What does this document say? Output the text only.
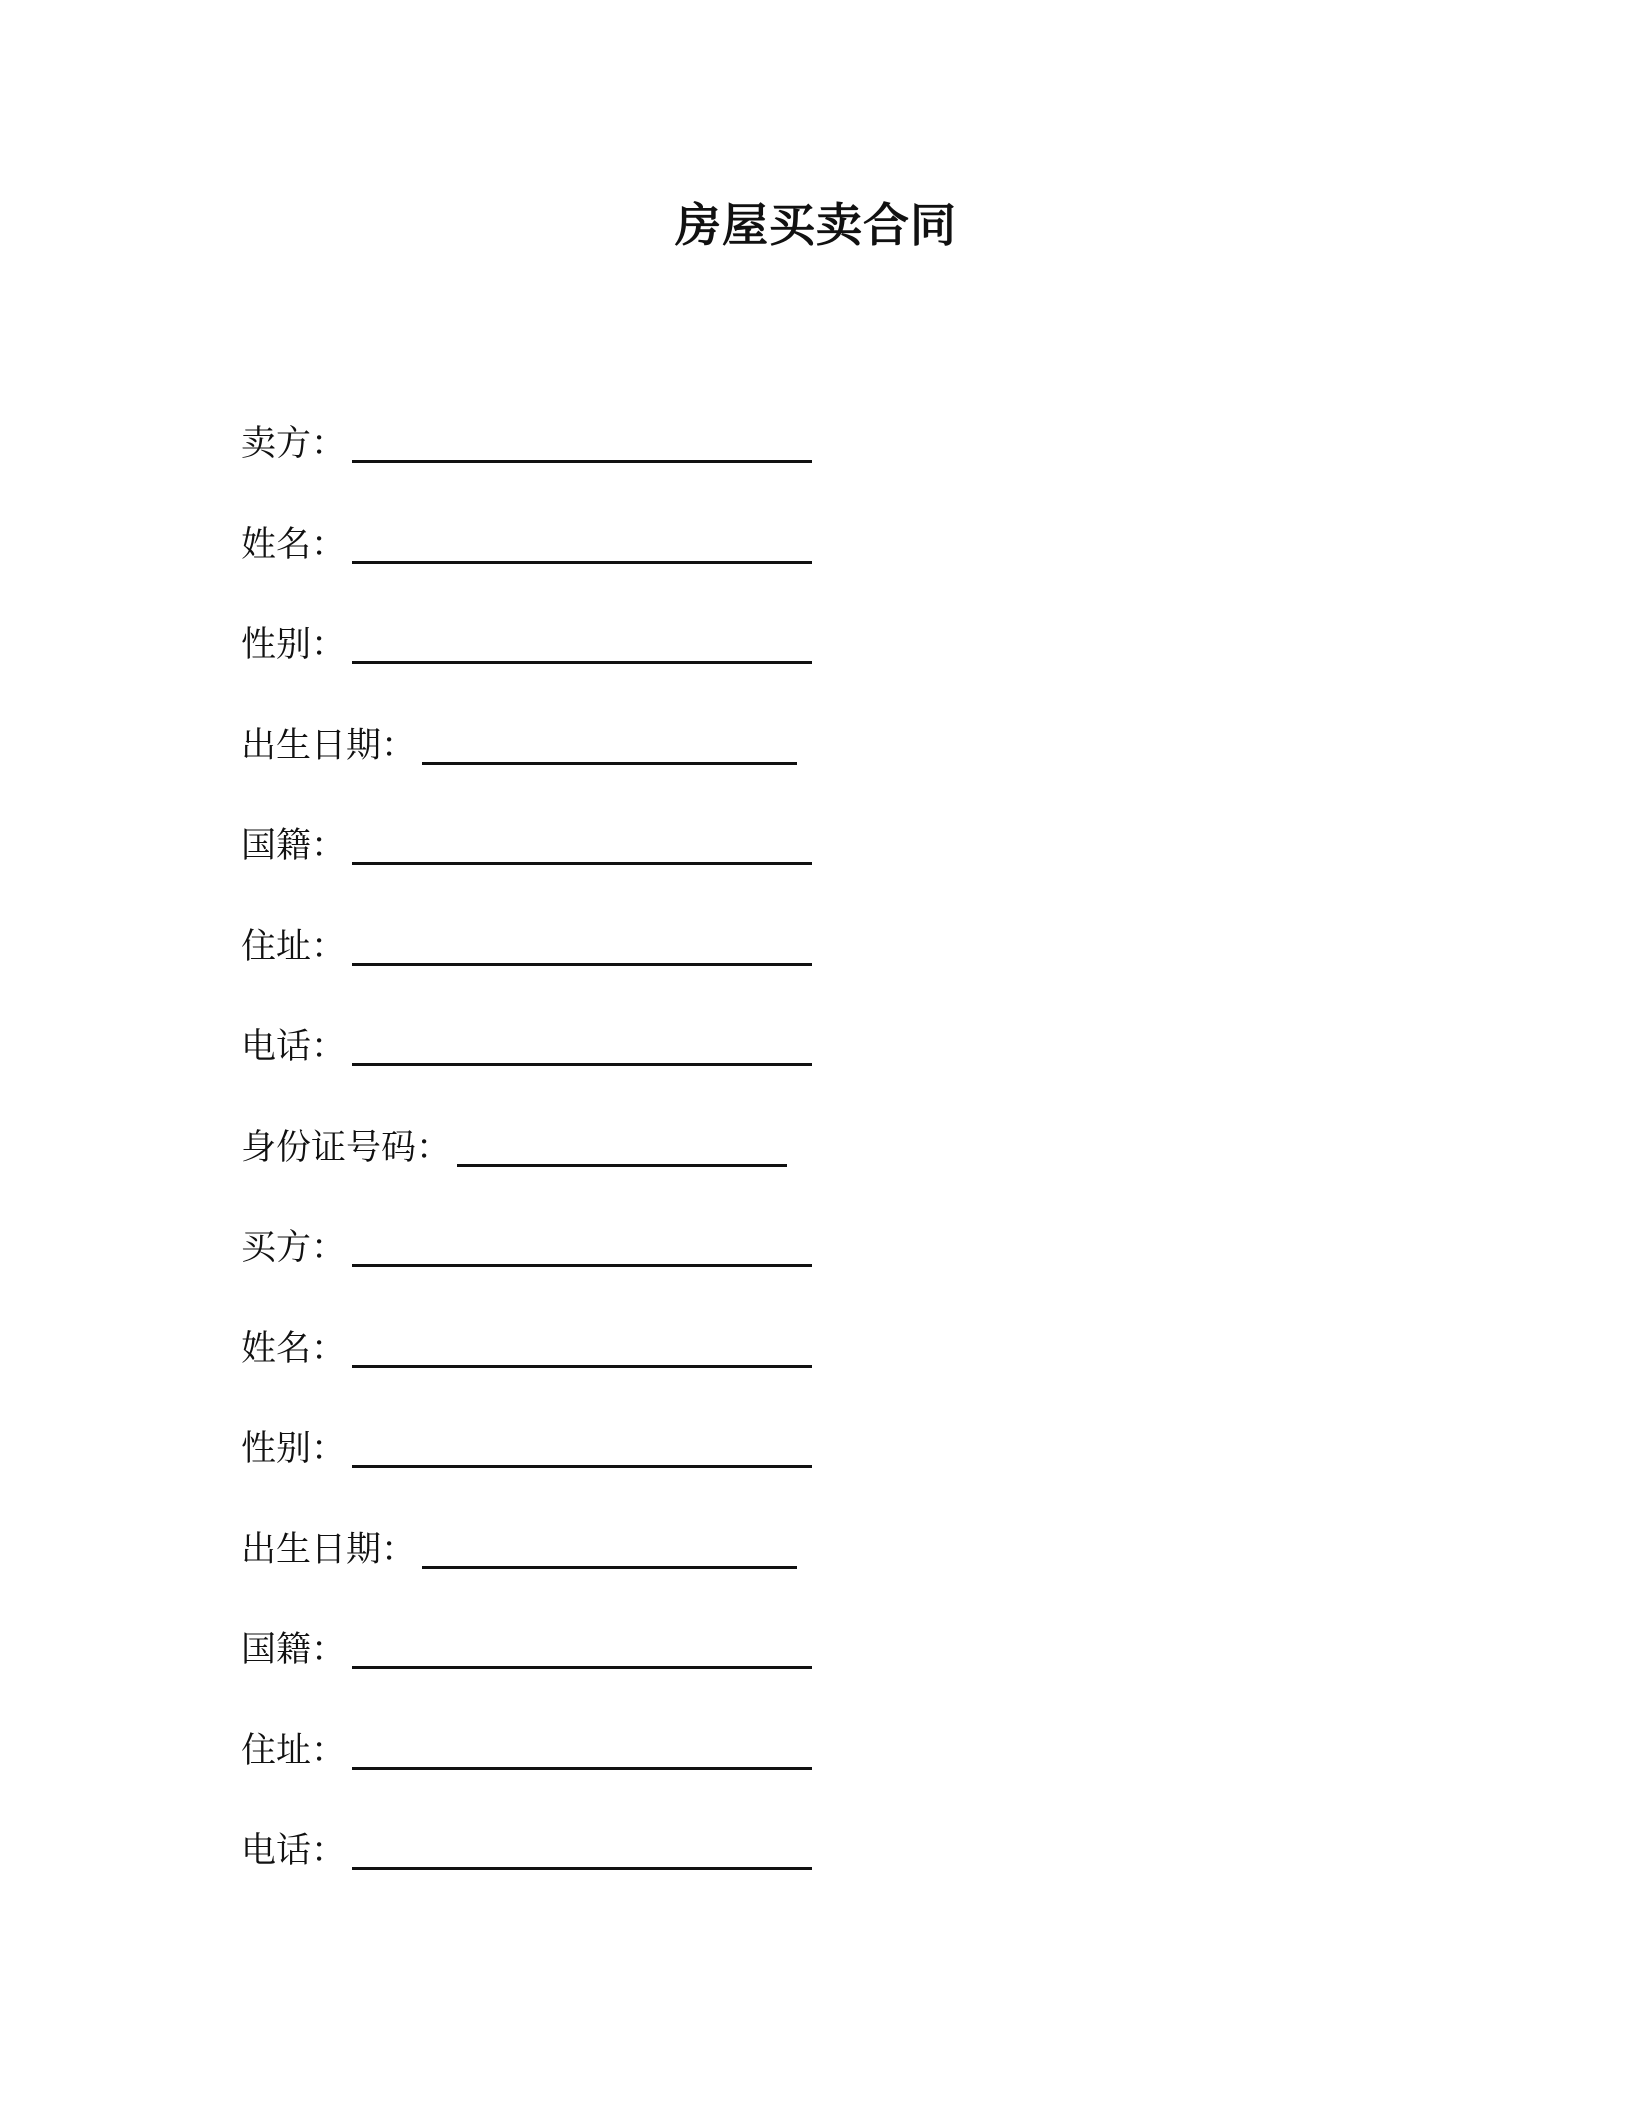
房屋买卖合同
卖方：
姓名：
性别：
出生日期：
国籍：
住址：
电话：
身份证号码：
买方：
姓名：
性别：
出生日期：
国籍：
住址：
电话：
